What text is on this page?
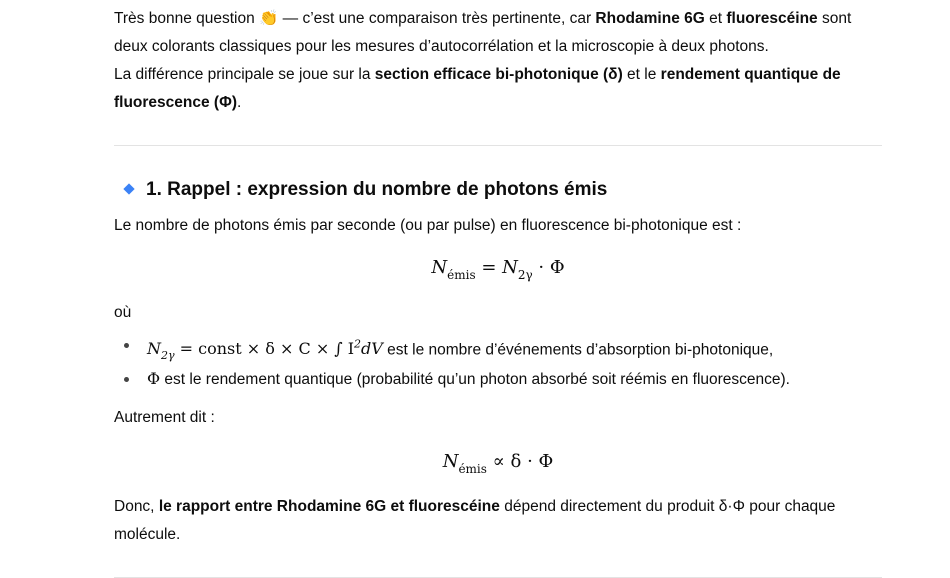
Très bonne question 👏 — c’est une comparaison très pertinente, car Rhodamine 6G et fluorescéine sont deux colorants classiques pour les mesures d’autocorrélation et la microscopie à deux photons.

La différence principale se joue sur la section efficace bi-photonique (δ) et le rendement quantique de fluorescence (Φ).

1. Rappel : expression du nombre de photons émis

Le nombre de photons émis par seconde (ou par pulse) en fluorescence bi-photonique est :

$N_{émis} = N_{2\gamma} \cdot \Phi$

où

$N_{2\gamma}$ = const × δ × C × ∫ $I^2dV$ est le nombre d’événements d’absorption bi-photonique,
Φ est le rendement quantique (probabilité qu’un photon absorbé soit réémis en fluorescence).

Autrement dit :

$N_{émis} \propto \delta \cdot \Phi$

Donc, le rapport entre Rhodamine 6G et fluorescéine dépend directement du produit δ·Φ pour chaque molécule.
